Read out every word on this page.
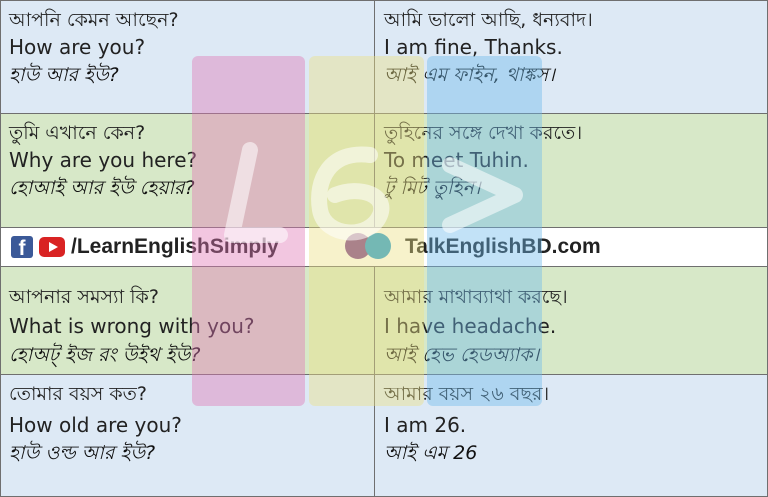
আপনি কেমন আছেন?
How are you?
হাউ আর ইউ?
আমি ভালো আছি, ধন্যবাদ।
I am fine, Thanks.
আই এম ফাইন, থাঙ্কস।
তুমি এখানে কেন?
Why are you here?
হোআই আর ইউ হেয়ার?
তুহিনের সঙ্গে দেখা করতে।
To meet Tuhin.
টু মিট তুহিন।
আপনার সমস্যা কি?
What is wrong with you?
হোঅট্ ইজ রং উইথ ইউ?
আমার মাথাব্যাথা করছে।
I have headache.
আই হেভ হেডঅ্যাক।
তোমার বয়স কত?
How old are you?
হাউ ওল্ড আর ইউ?
আমার বয়স ২৬ বছর।
I am 26.
আই এম 26
f	/LearnEnglishSimply	TalkEnglishBD.com
